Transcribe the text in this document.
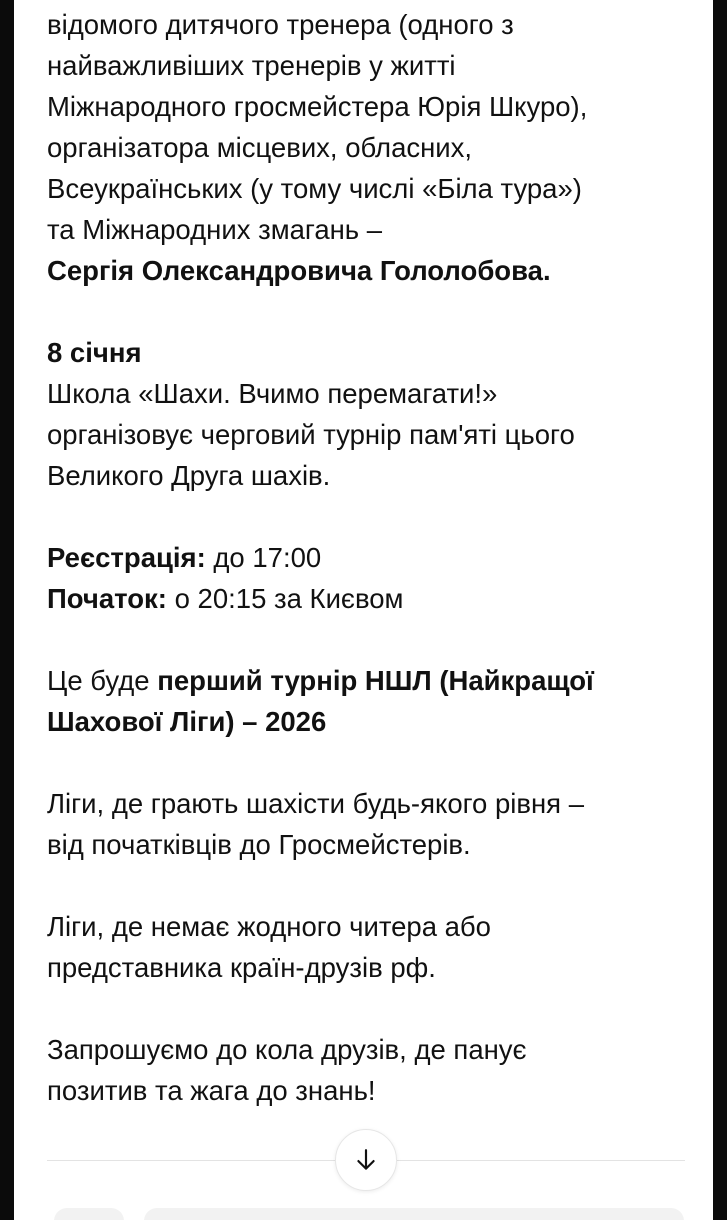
відомого дитячого тренера (одного з

найважливіших тренерів у житті

Міжнародного гросмейстера Юрія Шкуро),

організатора місцевих, обласних,

Всеукраїнських (у тому числі «Біла тура»)

та Міжнародних змагань –

Сергія Олександровича Гололобова.

8 січня

Школа «Шахи. Вчимо перемагати!»

організовує черговий турнір пам'яті цього

Великого Друга шахів.

Реєстрація: до 17:00

Початок: о 20:15 за Києвом

Це буде перший турнір НШЛ (Найкращої

Шахової Ліги) – 2026

Ліги, де грають шахісти будь-якого рівня –

від початківців до Гросмейстерів.

Ліги, де немає жодного читера або

представника країн-друзів рф.

Запрошуємо до кола друзів, де панує

позитив та жага до знань!
